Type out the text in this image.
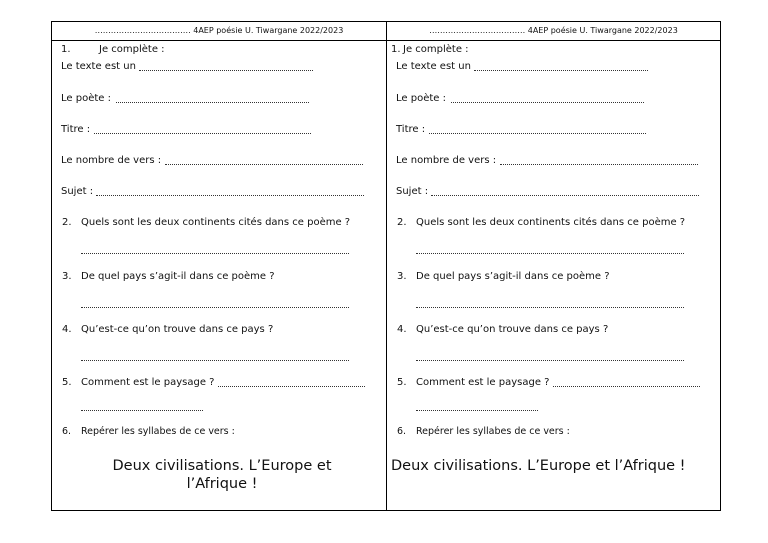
……………………………… 4AEP poésie U. Tiwargane 2022/2023
1.	Je complète :
Le texte est un
Le poète :
Titre :
Le nombre de vers :
Sujet :
2. Quels sont les deux continents cités dans ce poème ?
3. De quel pays s’agit-il dans ce poème ?
4. Qu’est-ce qu’on trouve dans ce pays ?
5. Comment est le paysage ?
6. Repérer les syllabes de ce vers :
Deux civilisations. L’Europe et l’Afrique !
……………………………… 4AEP poésie U. Tiwargane 2022/2023
1. Je complète :
Le texte est un
Le poète :
Titre :
Le nombre de vers :
Sujet :
2. Quels sont les deux continents cités dans ce poème ?
3. De quel pays s’agit-il dans ce poème ?
4. Qu’est-ce qu’on trouve dans ce pays ?
5. Comment est le paysage ?
6. Repérer les syllabes de ce vers :
Deux civilisations. L’Europe et l’Afrique !
